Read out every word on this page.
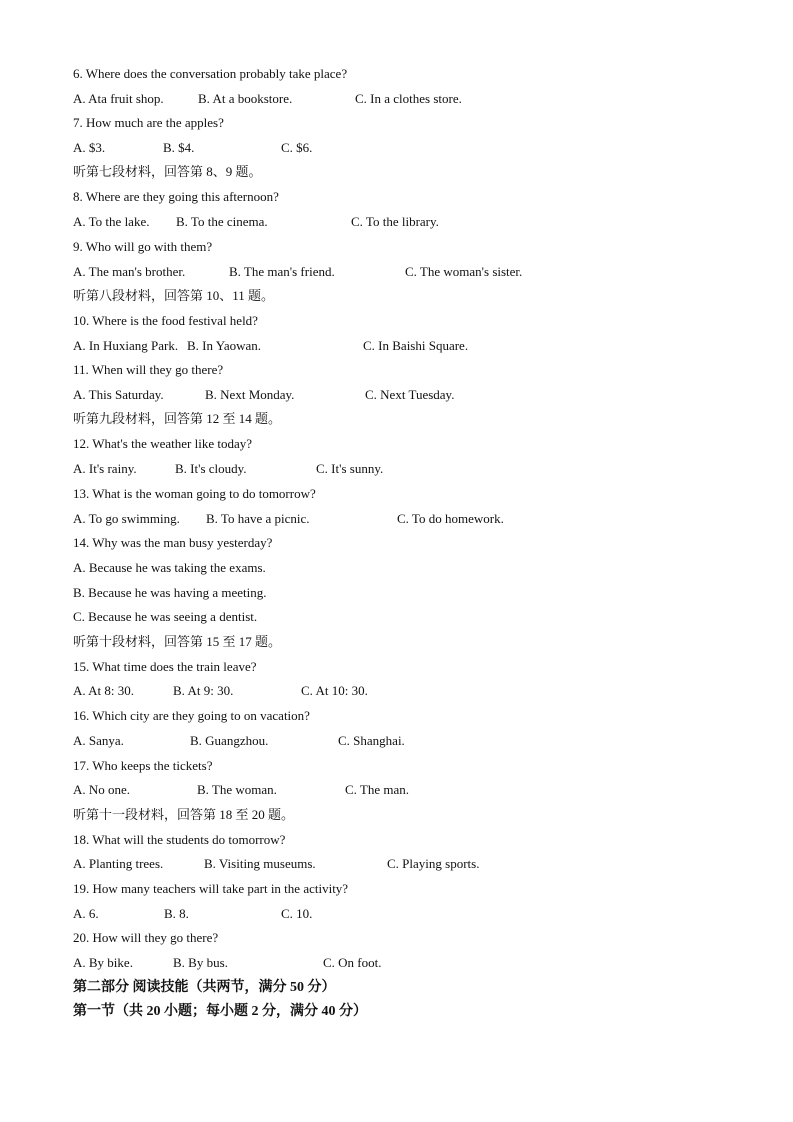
6. Where does the conversation probably take place?
A. Ata fruit shop.	B. At a bookstore.	C. In a clothes store.
7. How much are the apples?
A. $3.	B. $4.	C. $6.
听第七段材料，回答第 8、9 题。
8. Where are they going this afternoon?
A. To the lake. B. To the cinema.	C. To the library.
9. Who will go with them?
A. The man's brother.	B. The man's friend.	C. The woman's sister.
听第八段材料，回答第 10、11 题。
10. Where is the food festival held?
A. In Huxiang Park. B. In Yaowan.	C. In Baishi Square.
11. When will they go there?
A. This Saturday.	B. Next Monday.	C. Next Tuesday.
听第九段材料，回答第 12 至 14 题。
12. What's the weather like today?
A. It's rainy.	B. It's cloudy.	C. It's sunny.
13. What is the woman going to do tomorrow?
A. To go swimming. B. To have a picnic.	C. To do homework.
14. Why was the man busy yesterday?
A. Because he was taking the exams.
B. Because he was having a meeting.
C. Because he was seeing a dentist.
听第十段材料，回答第 15 至 17 题。
15. What time does the train leave?
A. At 8: 30.	B. At 9: 30.	C. At 10: 30.
16. Which city are they going to on vacation?
A. Sanya.	B. Guangzhou.	C. Shanghai.
17. Who keeps the tickets?
A. No one.	B. The woman.	C. The man.
听第十一段材料，回答第 18 至 20 题。
18. What will the students do tomorrow?
A. Planting trees.	B. Visiting museums.	C. Playing sports.
19. How many teachers will take part in the activity?
A. 6.	B. 8.	C. 10.
20. How will they go there?
A. By bike.	B. By bus.	C. On foot.
第二部分 阅读技能（共两节，满分 50 分）
第一节（共 20 小题；每小题 2 分，满分 40 分）
